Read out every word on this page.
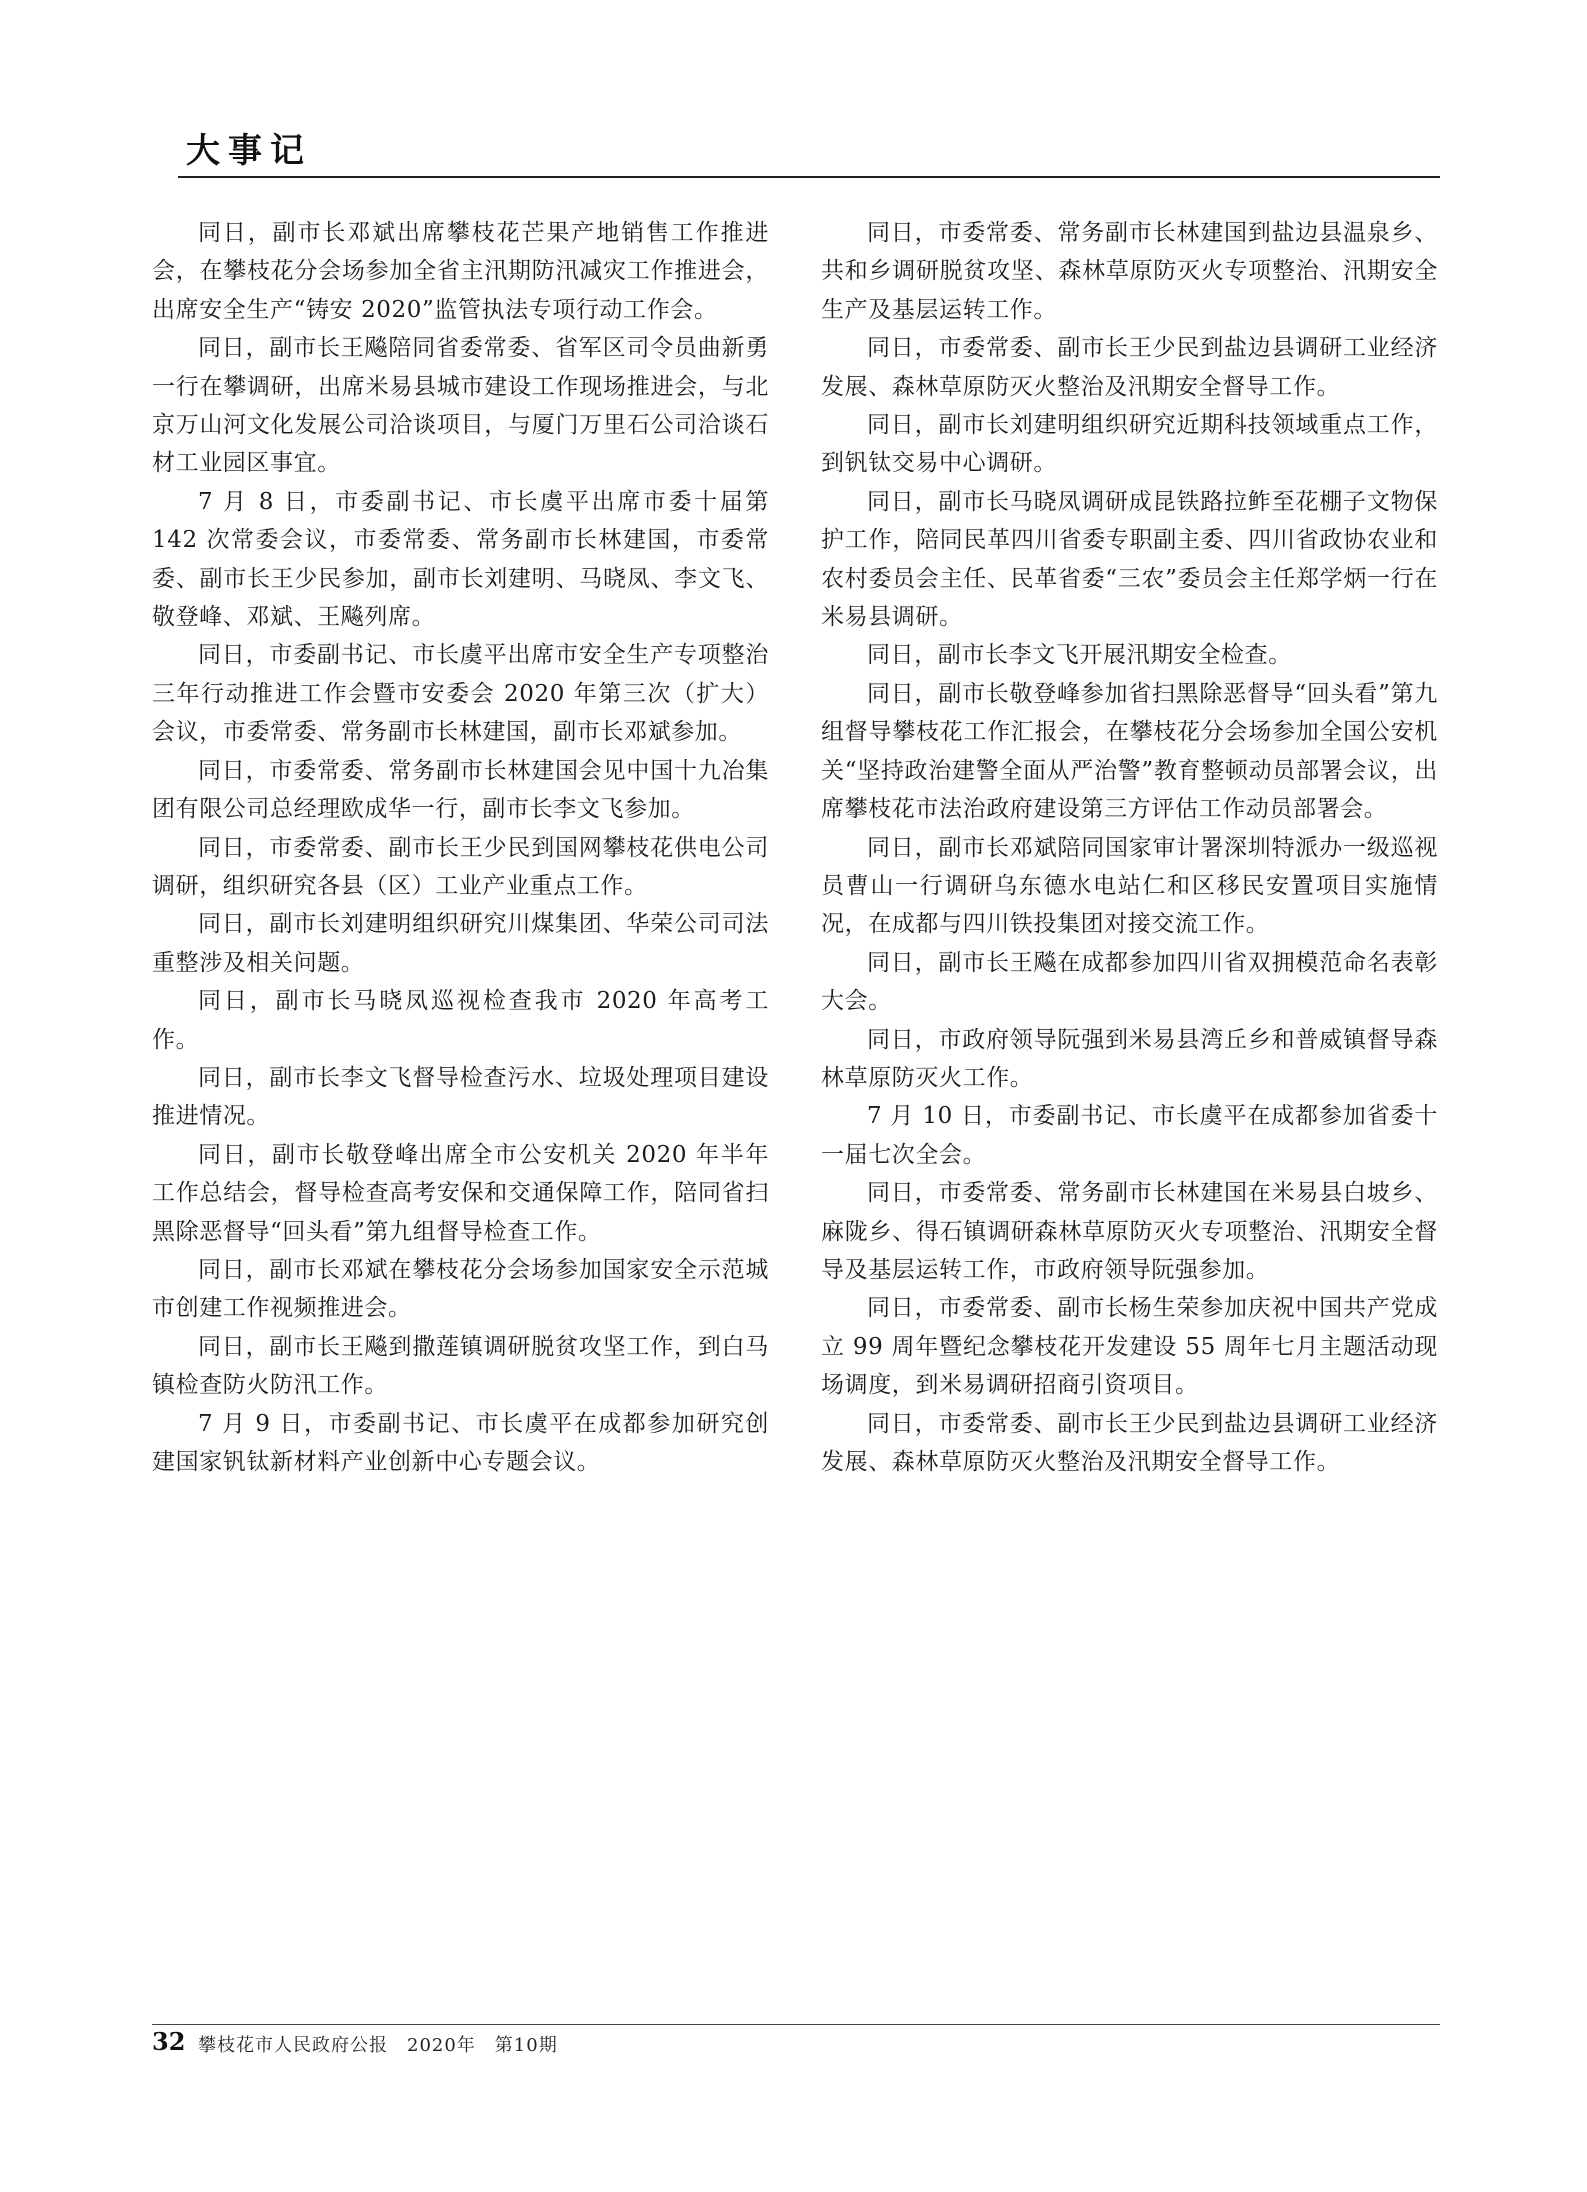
大事记

同日，副市长邓斌出席攀枝花芒果产地销售工作推进会，在攀枝花分会场参加全省主汛期防汛减灾工作推进会，出席安全生产“铸安 2020”监管执法专项行动工作会。

同日，副市长王飚陪同省委常委、省军区司令员曲新勇一行在攀调研，出席米易县城市建设工作现场推进会，与北京万山河文化发展公司洽谈项目，与厦门万里石公司洽谈石材工业园区事宜。

7 月 8 日，市委副书记、市长虞平出席市委十届第 142 次常委会议，市委常委、常务副市长林建国，市委常委、副市长王少民参加，副市长刘建明、马晓凤、李文飞、敬登峰、邓斌、王飚列席。

同日，市委副书记、市长虞平出席市安全生产专项整治三年行动推进工作会暨市安委会 2020 年第三次（扩大）会议，市委常委、常务副市长林建国，副市长邓斌参加。

同日，市委常委、常务副市长林建国会见中国十九冶集团有限公司总经理欧成华一行，副市长李文飞参加。

同日，市委常委、副市长王少民到国网攀枝花供电公司调研，组织研究各县（区）工业产业重点工作。

同日，副市长刘建明组织研究川煤集团、华荣公司司法重整涉及相关问题。

同日，副市长马晓凤巡视检查我市 2020 年高考工作。

同日，副市长李文飞督导检查污水、垃圾处理项目建设推进情况。

同日，副市长敬登峰出席全市公安机关 2020 年半年工作总结会，督导检查高考安保和交通保障工作，陪同省扫黑除恶督导“回头看”第九组督导检查工作。

同日，副市长邓斌在攀枝花分会场参加国家安全示范城市创建工作视频推进会。

同日，副市长王飚到撒莲镇调研脱贫攻坚工作，到白马镇检查防火防汛工作。

7 月 9 日，市委副书记、市长虞平在成都参加研究创建国家钒钛新材料产业创新中心专题会议。

同日，市委常委、常务副市长林建国到盐边县温泉乡、共和乡调研脱贫攻坚、森林草原防灭火专项整治、汛期安全生产及基层运转工作。

同日，市委常委、副市长王少民到盐边县调研工业经济发展、森林草原防灭火整治及汛期安全督导工作。

同日，副市长刘建明组织研究近期科技领域重点工作，到钒钛交易中心调研。

同日，副市长马晓凤调研成昆铁路拉鲊至花棚子文物保护工作，陪同民革四川省委专职副主委、四川省政协农业和农村委员会主任、民革省委“三农”委员会主任郑学炳一行在米易县调研。

同日，副市长李文飞开展汛期安全检查。

同日，副市长敬登峰参加省扫黑除恶督导“回头看”第九组督导攀枝花工作汇报会，在攀枝花分会场参加全国公安机关“坚持政治建警全面从严治警”教育整顿动员部署会议，出席攀枝花市法治政府建设第三方评估工作动员部署会。

同日，副市长邓斌陪同国家审计署深圳特派办一级巡视员曹山一行调研乌东德水电站仁和区移民安置项目实施情况，在成都与四川铁投集团对接交流工作。

同日，副市长王飚在成都参加四川省双拥模范命名表彰大会。

同日，市政府领导阮强到米易县湾丘乡和普威镇督导森林草原防灭火工作。

7 月 10 日，市委副书记、市长虞平在成都参加省委十一届七次全会。

同日，市委常委、常务副市长林建国在米易县白坡乡、麻陇乡、得石镇调研森林草原防灭火专项整治、汛期安全督导及基层运转工作，市政府领导阮强参加。

同日，市委常委、副市长杨生荣参加庆祝中国共产党成立 99 周年暨纪念攀枝花开发建设 55 周年七月主题活动现场调度，到米易调研招商引资项目。

同日，市委常委、副市长王少民到盐边县调研工业经济发展、森林草原防灭火整治及汛期安全督导工作。

32 攀枝花市人民政府公报　2020年　第10期
